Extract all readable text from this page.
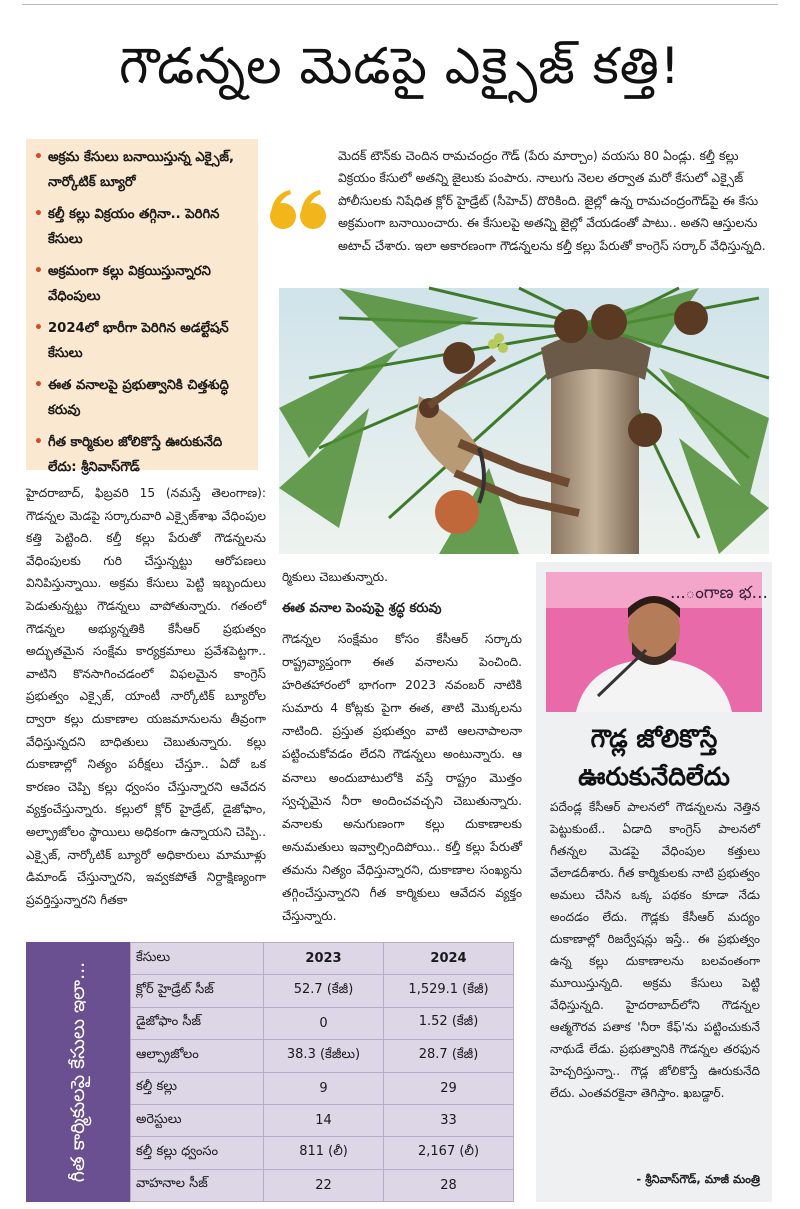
గౌడన్నల మెడపై ఎక్సైజ్ కత్తి!
• అక్రమ కేసులు బనాయిస్తున్న ఎక్సైజ్, నార్కోటిక్ బ్యూరో
• కల్తీ కల్లు విక్రయం తగ్గినా.. పెరిగిన కేసులు
• అక్రమంగా కల్లు విక్రయిస్తున్నారని వేధింపులు
• 2024లో భారీగా పెరిగిన అడల్టేషన్ కేసులు
• ఈత వనాలపై ప్రభుత్వానికి చిత్తశుద్ధి కరువు
• గీత కార్మికుల జోలికొస్తే ఊరుకునేది లేదు: శ్రీనివాస్‌గౌడ్
మెదక్ టౌన్‌కు చెందిన రామచంద్రం గౌడ్ (పేరు మార్చాం) వయసు 80 ఏండ్లు. కల్తీ కల్లు విక్రయం కేసులో అతన్ని జైలుకు పంపారు. నాలుగు నెలల తర్వాత మరో కేసులో ఎక్సైజ్ పోలీసులకు నిషేధిత క్లోర్ హైడ్రేట్ (సీహెచ్) దొరికింది. జైల్లో ఉన్న రామచంద్రంగౌడ్‌పై ఈ కేసు అక్రమంగా బనాయించారు. ఈ కేసులపై అతన్ని జైల్లో వేయడంతో పాటు.. అతని ఆస్తులను అటాచ్ చేశారు. ఇలా అకారణంగా గౌడన్నలను కల్తీ కల్లు పేరుతో కాంగ్రెస్ సర్కార్ వేధిస్తున్నది.
హైదరాబాద్, ఫిబ్రవరి 15 (నమస్తే తెలంగాణ): గౌడన్నల మెడపై సర్కారువారి ఎక్సైజ్‌శాఖ వేధింపుల కత్తి పెట్టింది. కల్తీ కల్లు పేరుతో గౌడన్నలను వేధింపులకు గురి చేస్తున్నట్టు ఆరోపణలు వినిపిస్తున్నాయి. అక్రమ కేసులు పెట్టి ఇబ్బందులు పెడుతున్నట్టు గౌడన్నలు వాపోతున్నారు. గతంలో గౌడన్నల అభ్యున్నతికి కేసీఆర్ ప్రభుత్వం అద్భుతమైన సంక్షేమ కార్యక్రమాలు ప్రవేశపెట్టగా.. వాటిని కొనసాగించడంలో విఫలమైన కాంగ్రెస్ ప్రభుత్వం ఎక్సైజ్, యాంటీ నార్కోటిక్ బ్యూరోల ద్వారా కల్లు దుకాణాల యజమానులను తీవ్రంగా వేధిస్తున్నదని బాధితులు చెబుతున్నారు. కల్లు దుకాణాల్లో నిత్యం పరీక్షలు చేస్తూ.. ఏదో ఒక కారణం చెప్పి కల్లు ధ్వంసం చేస్తున్నారని ఆవేదన వ్యక్తంచేస్తున్నారు. కల్లులో క్లోర్ హైడ్రేట్, డైజోఫాం, అల్ఫ్రాజోలం స్థాయిలు అధికంగా ఉన్నాయని చెప్పి.. ఎక్సైజ్, నార్కోటిక్ బ్యూరో అధికారులు మామూళ్లు డిమాండ్ చేస్తున్నారని, ఇవ్వకపోతే నిర్దాక్షిణ్యంగా ప్రవర్తిస్తున్నారని గీతకా
ర్మికులు చెబుతున్నారు.
ఈత వనాల పెంపుపై శ్రద్ధ కరువు
గౌడన్నల సంక్షేమం కోసం కేసీఆర్ సర్కారు రాష్ట్రవ్యాప్తంగా ఈత వనాలను పెంచింది. హరితహారంలో భాగంగా 2023 నవంబర్ నాటికి సుమారు 4 కోట్లకు పైగా ఈత, తాటి మొక్కలను నాటింది. ప్రస్తుత ప్రభుత్వం వాటి ఆలనాపాలనా పట్టించుకోవడం లేదని గౌడన్నలు అంటున్నారు. ఆ వనాలు అందుబాటులోకి వస్తే రాష్ట్రం మొత్తం స్వచ్ఛమైన నీరా అందించవచ్చని చెబుతున్నారు. వనాలకు అనుగుణంగా కల్లు దుకాణాలకు అనుమతులు ఇవ్వాల్సిందిపోయి.. కల్తీ కల్లు పేరుతో తమను నిత్యం వేధిస్తున్నారని, దుకాణాల సంఖ్యను తగ్గించేస్తున్నారని గీత కార్మికులు ఆవేదన వ్యక్తం చేస్తున్నారు.
...ంగాణ భ...
గౌడ్ల జోలికొస్తే ఊరుకునేదిలేదు
పదేండ్ల కేసీఆర్ పాలనలో గౌడన్నలను నెత్తిన పెట్టుకుంటే.. ఏడాది కాంగ్రెస్ పాలనలో గీతన్నల మెడపై వేధింపుల కత్తులు వేలాడదీశారు. గీత కార్మికులకు నాటి ప్రభుత్వం అమలు చేసిన ఒక్క పథకం కూడా నేడు అందడం లేదు. గౌడ్లకు కేసీఆర్ మద్యం దుకాణాల్లో రిజర్వేషన్లు ఇస్తే.. ఈ ప్రభుత్వం ఉన్న కల్లు దుకాణాలను బలవంతంగా మూయిస్తున్నది. అక్రమ కేసులు పెట్టి వేధిస్తున్నది. హైదరాబాద్‌లోని గౌడన్నల ఆత్మగౌరవ పతాక 'నీరా కేఫ్'ను పట్టించుకునే నాథుడే లేడు. ప్రభుత్వానికి గౌడన్నల తరఫున హెచ్చరిస్తున్నా.. గౌడ్ల జోలికొస్తే ఊరుకునేది లేదు. ఎంతవరకైనా తెగిస్తాం. ఖబడ్దార్.
- శ్రీనివాస్‌గౌడ్, మాజీ మంత్రి
గీత కార్మికులపై కేసులు ఇలా...
కేసులు	2023	2024
క్లోర్ హైడ్రేట్ సీజ్	52.7 (కేజీ)	1,529.1 (కేజీ)
డైజోఫాం సీజ్	0	1.52 (కేజీ)
ఆల్ప్రాజోలం	38.3 (కేజీలు)	28.7 (కేజీ)
కల్తీ కల్లు	9	29
అరెస్టులు	14	33
కల్తీ కల్లు ధ్వంసం	811 (లీ)	2,167 (లీ)
వాహనాల సీజ్	22	28
